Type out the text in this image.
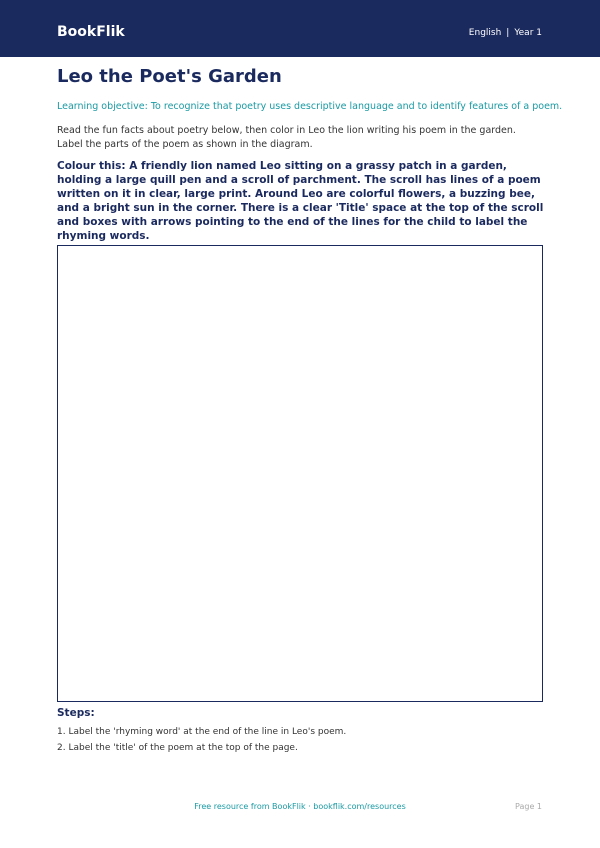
BookFlik	English | Year 1
Leo the Poet's Garden
Learning objective: To recognize that poetry uses descriptive language and to identify features of a poem.
Read the fun facts about poetry below, then color in Leo the lion writing his poem in the garden. Label the parts of the poem as shown in the diagram.
Colour this: A friendly lion named Leo sitting on a grassy patch in a garden, holding a large quill pen and a scroll of parchment. The scroll has lines of a poem written on it in clear, large print. Around Leo are colorful flowers, a buzzing bee, and a bright sun in the corner. There is a clear 'Title' space at the top of the scroll and boxes with arrows pointing to the end of the lines for the child to label the rhyming words.
Steps:
1. Label the 'rhyming word' at the end of the line in Leo's poem.
2. Label the 'title' of the poem at the top of the page.
Free resource from BookFlik · bookflik.com/resources	Page 1
